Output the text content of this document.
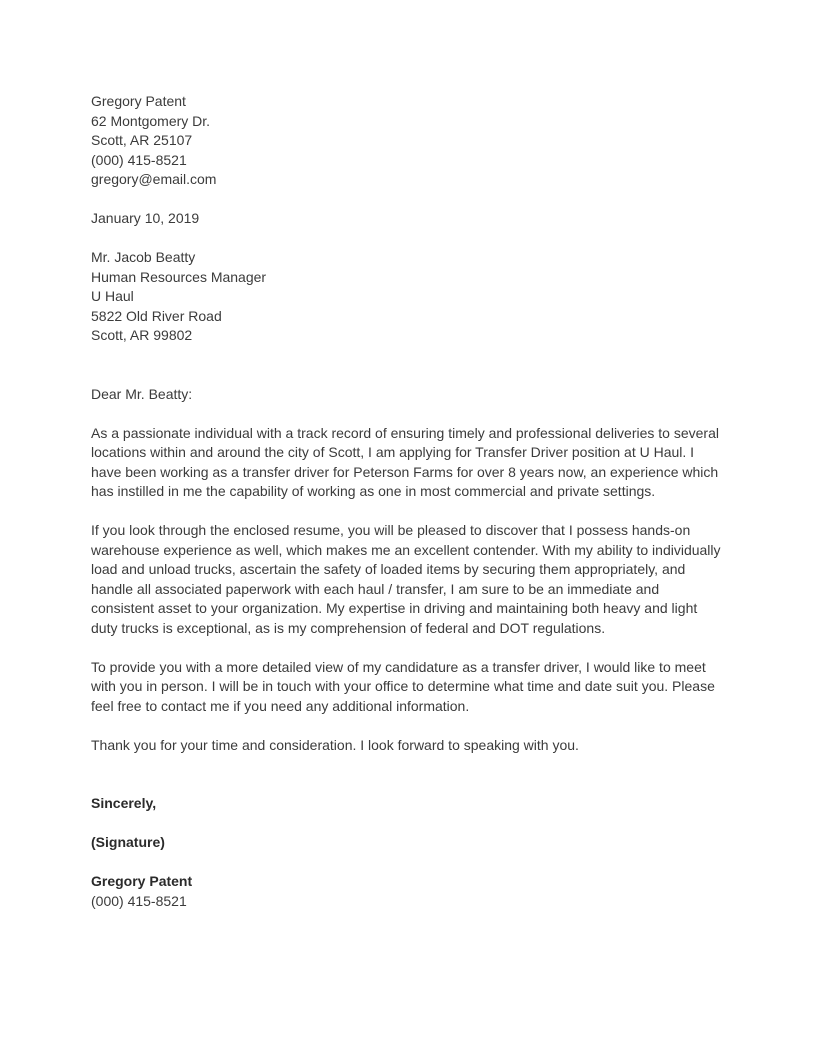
Gregory Patent
62 Montgomery Dr.
Scott, AR 25107
(000) 415-8521
gregory@email.com
January 10, 2019
Mr. Jacob Beatty
Human Resources Manager
U Haul
5822 Old River Road
Scott, AR 99802
Dear Mr. Beatty:

As a passionate individual with a track record of ensuring timely and professional deliveries to several locations within and around the city of Scott, I am applying for Transfer Driver position at U Haul. I have been working as a transfer driver for Peterson Farms for over 8 years now, an experience which has instilled in me the capability of working as one in most commercial and private settings.

If you look through the enclosed resume, you will be pleased to discover that I possess hands-on warehouse experience as well, which makes me an excellent contender. With my ability to individually load and unload trucks, ascertain the safety of loaded items by securing them appropriately, and handle all associated paperwork with each haul / transfer, I am sure to be an immediate and consistent asset to your organization. My expertise in driving and maintaining both heavy and light duty trucks is exceptional, as is my comprehension of federal and DOT regulations.

To provide you with a more detailed view of my candidature as a transfer driver, I would like to meet with you in person. I will be in touch with your office to determine what time and date suit you. Please feel free to contact me if you need any additional information.

Thank you for your time and consideration. I look forward to speaking with you.

Sincerely,
(Signature)
Gregory Patent
(000) 415-8521
